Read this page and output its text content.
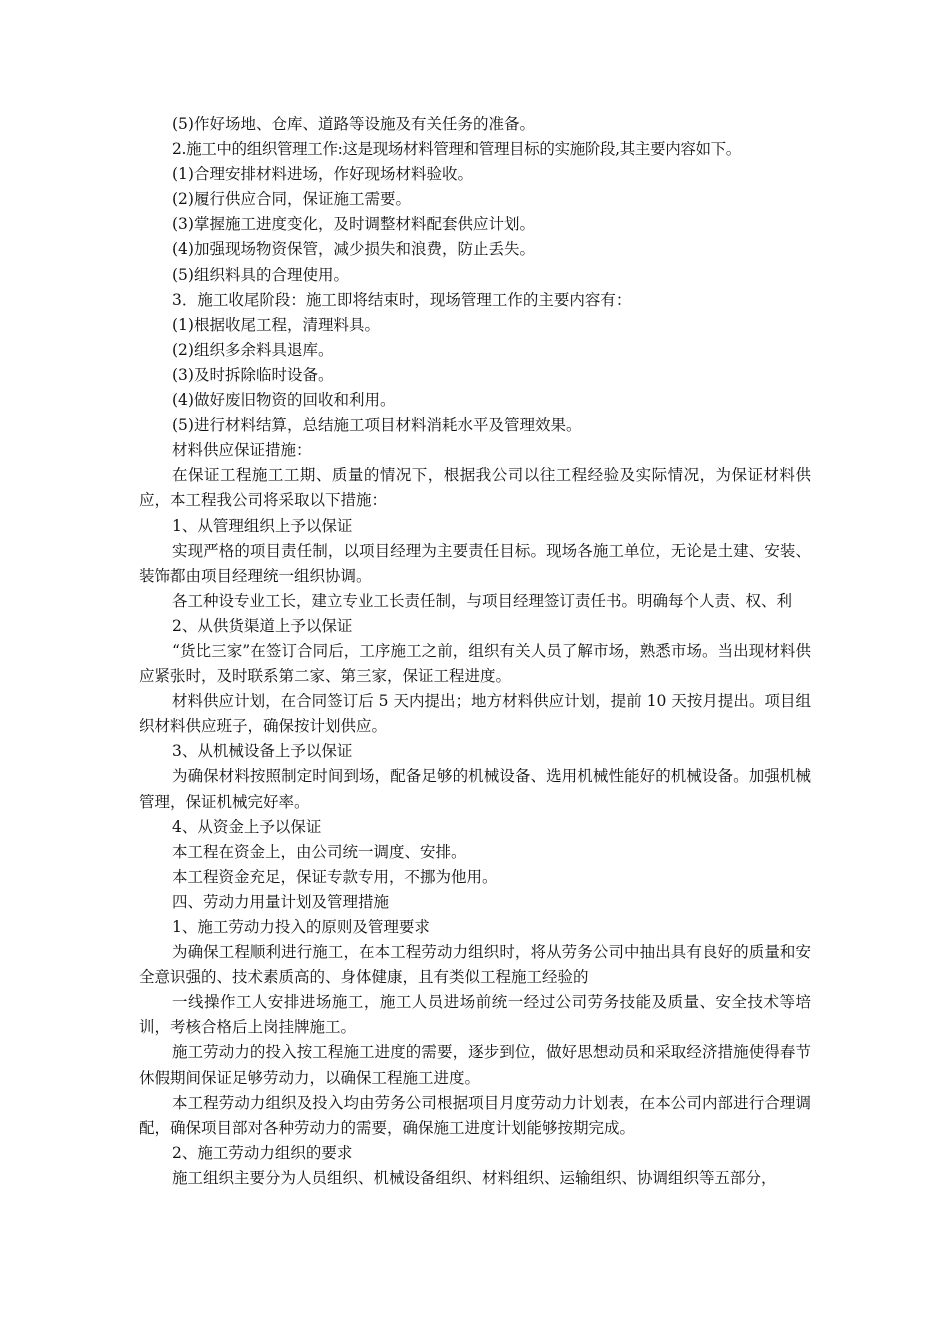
(5)作好场地、仓库、道路等设施及有关任务的准备。

2.施工中的组织管理工作:这是现场材料管理和管理目标的实施阶段,其主要内容如下。

(1)合理安排材料进场，作好现场材料验收。

(2)履行供应合同，保证施工需要。

(3)掌握施工进度变化，及时调整材料配套供应计划。

(4)加强现场物资保管，减少损失和浪费，防止丢失。

(5)组织料具的合理使用。

3．施工收尾阶段：施工即将结束时，现场管理工作的主要内容有：

(1)根据收尾工程，清理料具。

(2)组织多余料具退库。

(3)及时拆除临时设备。

(4)做好废旧物资的回收和利用。

(5)进行材料结算，总结施工项目材料消耗水平及管理效果。

材料供应保证措施：

在保证工程施工工期、质量的情况下，根据我公司以往工程经验及实际情况，为保证材料供应，本工程我公司将采取以下措施：

1、从管理组织上予以保证

实现严格的项目责任制，以项目经理为主要责任目标。现场各施工单位，无论是土建、安装、装饰都由项目经理统一组织协调。

各工种设专业工长，建立专业工长责任制，与项目经理签订责任书。明确每个人责、权、利

2、从供货渠道上予以保证

“货比三家”在签订合同后，工序施工之前，组织有关人员了解市场，熟悉市场。当出现材料供应紧张时，及时联系第二家、第三家，保证工程进度。

材料供应计划，在合同签订后 5 天内提出；地方材料供应计划，提前 10 天按月提出。项目组织材料供应班子，确保按计划供应。

3、从机械设备上予以保证

为确保材料按照制定时间到场，配备足够的机械设备、选用机械性能好的机械设备。加强机械管理，保证机械完好率。

4、从资金上予以保证

本工程在资金上，由公司统一调度、安排。

本工程资金充足，保证专款专用，不挪为他用。

四、劳动力用量计划及管理措施

1、施工劳动力投入的原则及管理要求

为确保工程顺利进行施工，在本工程劳动力组织时，将从劳务公司中抽出具有良好的质量和安全意识强的、技术素质高的、身体健康，且有类似工程施工经验的

一线操作工人安排进场施工，施工人员进场前统一经过公司劳务技能及质量、安全技术等培训，考核合格后上岗挂牌施工。

施工劳动力的投入按工程施工进度的需要，逐步到位，做好思想动员和采取经济措施使得春节休假期间保证足够劳动力，以确保工程施工进度。

本工程劳动力组织及投入均由劳务公司根据项目月度劳动力计划表，在本公司内部进行合理调配，确保项目部对各种劳动力的需要，确保施工进度计划能够按期完成。

2、施工劳动力组织的要求

施工组织主要分为人员组织、机械设备组织、材料组织、运输组织、协调组织等五部分，
